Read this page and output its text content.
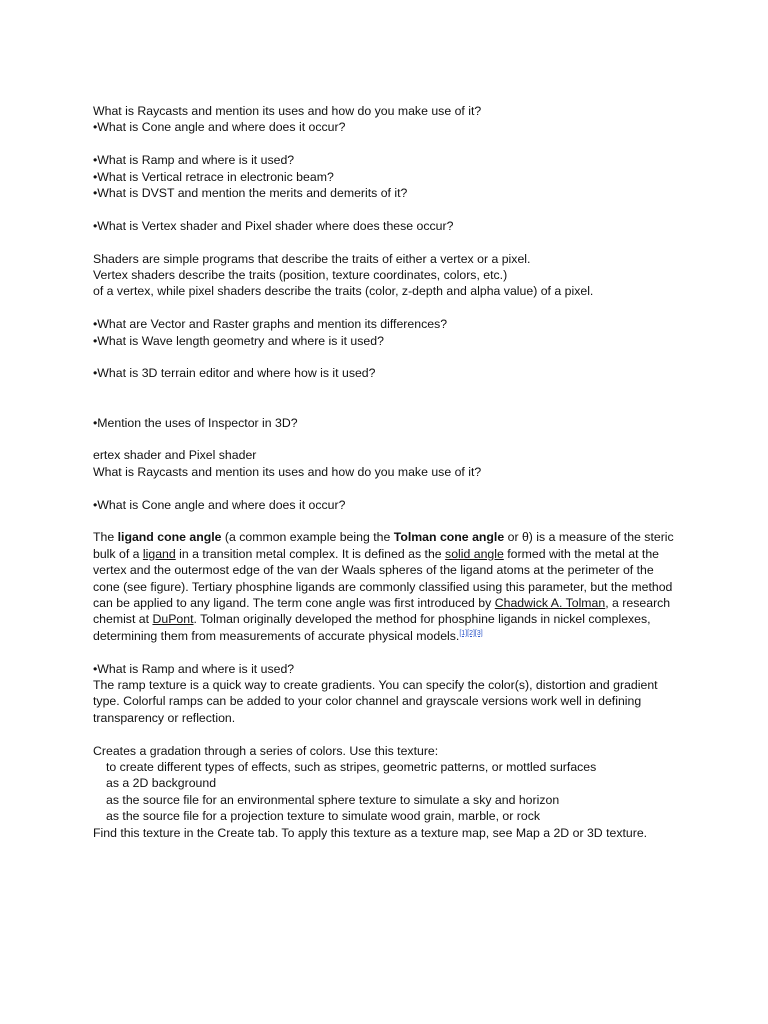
What is Raycasts and mention its uses and how do you make use of it?
•What is Cone angle and where does it occur?
•What is Ramp and where is it used?
•What is Vertical retrace in electronic beam?
•What is DVST and mention the merits and demerits of it?
•What is Vertex shader and Pixel shader where does these occur?
Shaders are simple programs that describe the traits of either a vertex or a pixel.
Vertex shaders describe the traits (position, texture coordinates, colors, etc.)
of a vertex, while pixel shaders describe the traits (color, z-depth and alpha value) of a pixel.
•What are Vector and Raster graphs and mention its differences?
•What is Wave length geometry and where is it used?
•What is 3D terrain editor and where how is it used?
•Mention the uses of Inspector in 3D?
ertex shader and Pixel shader
What is Raycasts and mention its uses and how do you make use of it?
•What is Cone angle and where does it occur?
The ligand cone angle (a common example being the Tolman cone angle or θ) is a measure of the steric bulk of a ligand in a transition metal complex. It is defined as the solid angle formed with the metal at the vertex and the outermost edge of the van der Waals spheres of the ligand atoms at the perimeter of the cone (see figure). Tertiary phosphine ligands are commonly classified using this parameter, but the method can be applied to any ligand. The term cone angle was first introduced by Chadwick A. Tolman, a research chemist at DuPont. Tolman originally developed the method for phosphine ligands in nickel complexes, determining them from measurements of accurate physical models.[1][2][3]
•What is Ramp and where is it used?
The ramp texture is a quick way to create gradients. You can specify the color(s), distortion and gradient type. Colorful ramps can be added to your color channel and grayscale versions work well in defining transparency or reflection.
Creates a gradation through a series of colors. Use this texture:
to create different types of effects, such as stripes, geometric patterns, or mottled surfaces
as a 2D background
as the source file for an environmental sphere texture to simulate a sky and horizon
as the source file for a projection texture to simulate wood grain, marble, or rock
Find this texture in the Create tab. To apply this texture as a texture map, see Map a 2D or 3D texture.
